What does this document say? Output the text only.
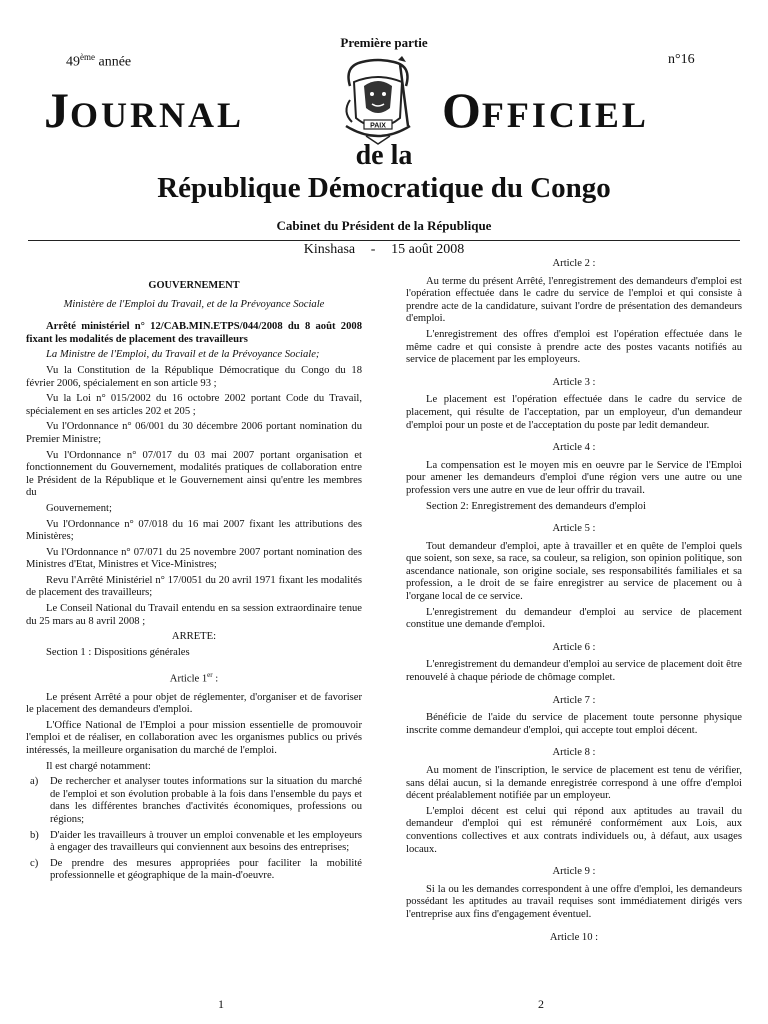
Première partie
49ème année	n°16
JOURNAL	OFFICIEL
PAIX
de la
République Démocratique du Congo
Cabinet du Président de la République
Kinshasa - 15 août 2008
GOUVERNEMENT
Ministère de l'Emploi du Travail, et de la Prévoyance Sociale

Arrêté ministériel n° 12/CAB.MIN.ETPS/044/2008 du 8 août 2008 fixant les modalités de placement des travailleurs

La Ministre de l'Emploi, du Travail et de la Prévoyance Sociale;

Vu la Constitution de la République Démocratique du Congo du 18 février 2006, spécialement en son article 93 ;

Vu la Loi n° 015/2002 du 16 octobre 2002 portant Code du Travail, spécialement en ses articles 202 et 205 ;

Vu l'Ordonnance n° 06/001 du 30 décembre 2006 portant nomination du Premier Ministre;

Vu l'Ordonnance n° 07/017 du 03 mai 2007 portant organisation et fonctionnement du Gouvernement, modalités pratiques de collaboration entre le Président de la République et le Gouvernement ainsi qu'entre les membres du

Gouvernement;

Vu l'Ordonnance n° 07/018 du 16 mai 2007 fixant les attributions des Ministères;

Vu l'Ordonnance n° 07/071 du 25 novembre 2007 portant nomination des Ministres d'Etat, Ministres et Vice-Ministres;

Revu l'Arrêté Ministériel n° 17/0051 du 20 avril 1971 fixant les modalités de placement des travailleurs;

Le Conseil National du Travail entendu en sa session extraordinaire tenue du 25 mars au 8 avril 2008 ;

ARRETE:

Section 1 : Dispositions générales

Article 1er :

Le présent Arrêté a pour objet de réglementer, d'organiser et de favoriser le placement des demandeurs d'emploi.

L'Office National de l'Emploi a pour mission essentielle de promouvoir l'emploi et de réaliser, en collaboration avec les organismes publics ou privés intéressés, la meilleure organisation du marché de l'emploi.

Il est chargé notamment:

a)	De rechercher et analyser toutes informations sur la situation du marché de l'emploi et son évolution probable à la fois dans l'ensemble du pays et dans les différentes branches d'activités économiques, professions ou régions;
b)	D'aider les travailleurs à trouver un emploi convenable et les employeurs à engager des travailleurs qui conviennent aux besoins des entreprises;
c)	De prendre des mesures appropriées pour faciliter la mobilité professionnelle et géographique de la main-d'oeuvre.
Article 2 :

Au terme du présent Arrêté, l'enregistrement des demandeurs d'emploi est l'opération effectuée dans le cadre du service de l'emploi et qui consiste à prendre acte de la candidature, suivant l'ordre de présentation des demandeurs d'emploi.

L'enregistrement des offres d'emploi est l'opération effectuée dans le même cadre et qui consiste à prendre acte des postes vacants notifiés au service de placement par les employeurs.

Article 3 :

Le placement est l'opération effectuée dans le cadre du service de placement, qui résulte de l'acceptation, par un employeur, d'un demandeur d'emploi pour un poste et de l'acceptation du poste par ledit demandeur.

Article 4 :

La compensation est le moyen mis en oeuvre par le Service de l'Emploi pour amener les demandeurs d'emploi d'une région vers une autre ou une profession vers une autre en vue de leur offrir du travail.

Section 2: Enregistrement des demandeurs d'emploi

Article 5 :

Tout demandeur d'emploi, apte à travailler et en quête de l'emploi quels que soient, son sexe, sa race, sa couleur, sa religion, son opinion politique, son ascendance nationale, son origine sociale, ses responsabilités familiales et sa profession, a le droit de se faire enregistrer au service de placement ou à l'organe local de ce service.

L'enregistrement du demandeur d'emploi au service de placement constitue une demande d'emploi.

Article 6 :

L'enregistrement du demandeur d'emploi au service de placement doit être renouvelé à chaque période de chômage complet.

Article 7 :

Bénéficie de l'aide du service de placement toute personne physique inscrite comme demandeur d'emploi, qui accepte tout emploi décent.

Article 8 :

Au moment de l'inscription, le service de placement est tenu de vérifier, sans délai aucun, si la demande enregistrée correspond à une offre d'emploi décent préalablement notifiée par un employeur.

L'emploi décent est celui qui répond aux aptitudes au travail du demandeur d'emploi qui est rémunéré conformément aux Lois, aux conventions collectives et aux contrats individuels ou, à défaut, aux usages locaux.

Article 9 :

Si la ou les demandes correspondent à une offre d'emploi, les demandeurs possédant les aptitudes au travail requises sont immédiatement dirigés vers l'entreprise aux fins d'engagement éventuel.

Article 10 :
1	2
